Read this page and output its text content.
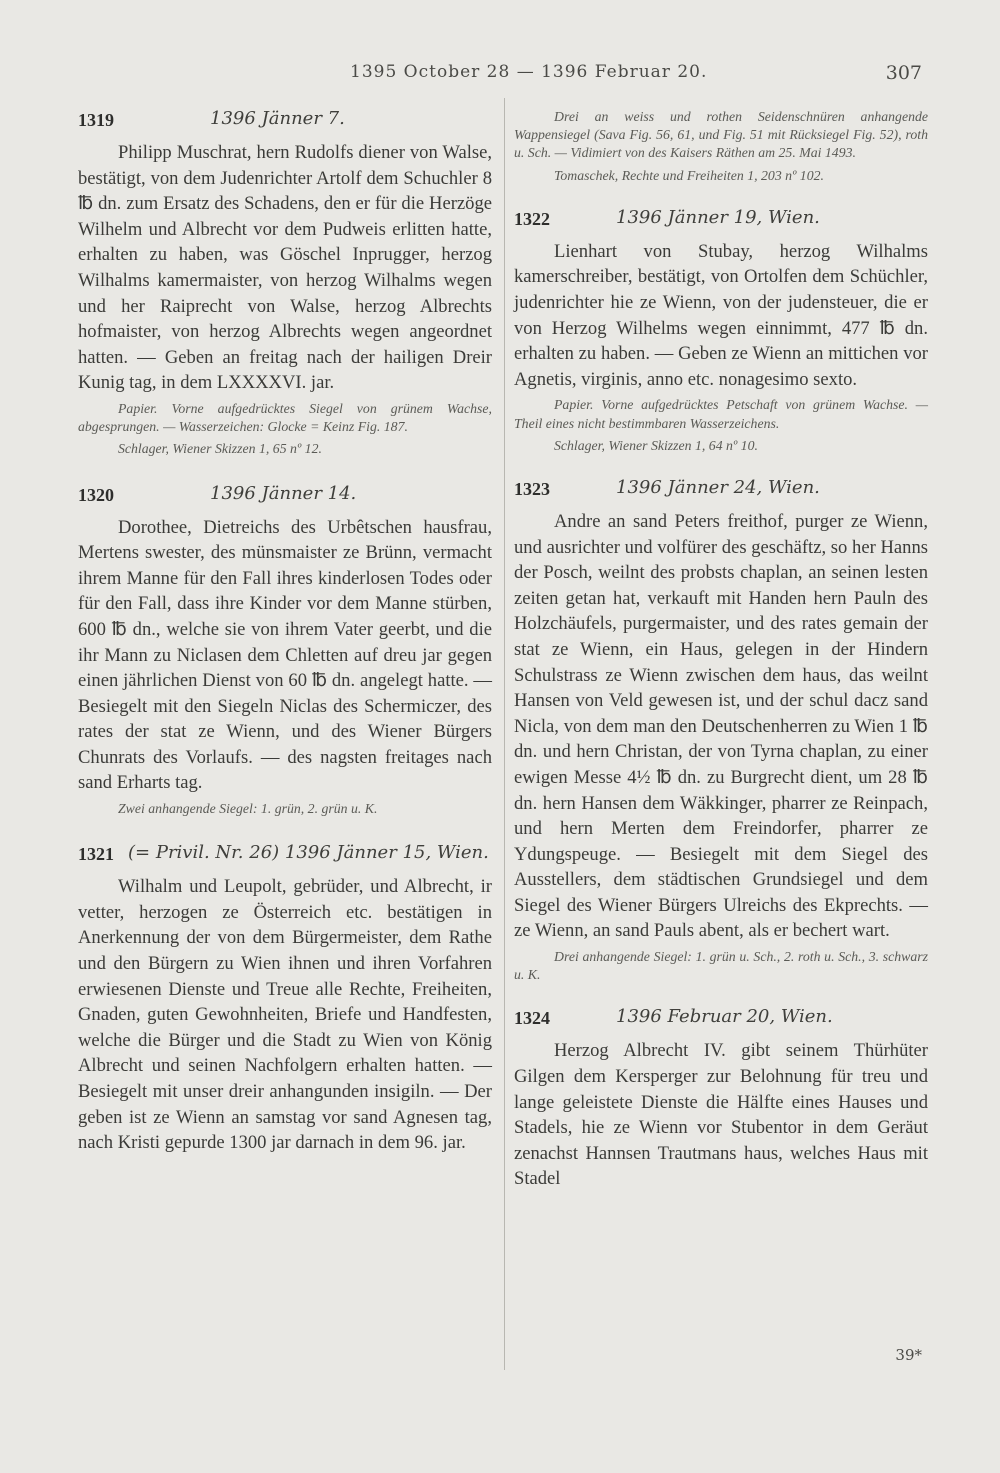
1395 October 28 — 1396 Februar 20.	307
1319	1396 Jänner 7.

Philipp Muschrat, hern Rudolfs diener von Walse, bestätigt, von dem Judenrichter Artolf dem Schuchler 8 ℔ dn. zum Ersatz des Schadens, den er für die Herzöge Wilhelm und Albrecht vor dem Pudweis erlitten hatte, erhalten zu haben, was Göschel Inprugger, herzog Wilhalms kamermaister, von herzog Wilhalms wegen und her Raiprecht von Walse, herzog Albrechts hofmaister, von herzog Albrechts wegen angeordnet hatten. — Geben an freitag nach der hailigen Dreir Kunig tag, in dem LXXXXVI. jar.

Papier. Vorne aufgedrücktes Siegel von grünem Wachse, abgesprungen. — Wasserzeichen: Glocke = Keinz Fig. 187.

Schlager, Wiener Skizzen 1, 65 nº 12.

1320	1396 Jänner 14.

Dorothee, Dietreichs des Urbêtschen hausfrau, Mertens swester, des münsmaister ze Brünn, vermacht ihrem Manne für den Fall ihres kinderlosen Todes oder für den Fall, dass ihre Kinder vor dem Manne stürben, 600 ℔ dn., welche sie von ihrem Vater geerbt, und die ihr Mann zu Niclasen dem Chletten auf dreu jar gegen einen jährlichen Dienst von 60 ℔ dn. angelegt hatte. — Besiegelt mit den Siegeln Niclas des Schermiczer, des rates der stat ze Wienn, und des Wiener Bürgers Chunrats des Vorlaufs. — des nagsten freitages nach sand Erharts tag.

Zwei anhangende Siegel: 1. grün, 2. grün u. K.

1321 (= Privil. Nr. 26) 1396 Jänner 15, Wien.

Wilhalm und Leupolt, gebrüder, und Albrecht, ir vetter, herzogen ze Österreich etc. bestätigen in Anerkennung der von dem Bürgermeister, dem Rathe und den Bürgern zu Wien ihnen und ihren Vorfahren erwiesenen Dienste und Treue alle Rechte, Freiheiten, Gnaden, guten Gewohnheiten, Briefe und Handfesten, welche die Bürger und die Stadt zu Wien von König Albrecht und seinen Nachfolgern erhalten hatten. — Besiegelt mit unser dreir anhangunden insigiln. — Der geben ist ze Wienn an samstag vor sand Agnesen tag, nach Kristi gepurde 1300 jar darnach in dem 96. jar.

Drei an weiss und rothen Seidenschnüren anhangende Wappensiegel (Sava Fig. 56, 61, und Fig. 51 mit Rücksiegel Fig. 52), roth u. Sch. — Vidimiert von des Kaisers Räthen am 25. Mai 1493.

Tomaschek, Rechte und Freiheiten 1, 203 nº 102.

1322	1396 Jänner 19, Wien.

Lienhart von Stubay, herzog Wilhalms kamerschreiber, bestätigt, von Ortolfen dem Schüchler, judenrichter hie ze Wienn, von der judensteuer, die er von Herzog Wilhelms wegen einnimmt, 477 ℔ dn. erhalten zu haben. — Geben ze Wienn an mittichen vor Agnetis, virginis, anno etc. nonagesimo sexto.

Papier. Vorne aufgedrücktes Petschaft von grünem Wachse. — Theil eines nicht bestimmbaren Wasserzeichens.

Schlager, Wiener Skizzen 1, 64 nº 10.

1323	1396 Jänner 24, Wien.

Andre an sand Peters freithof, purger ze Wienn, und ausrichter und volfürer des geschäftz, so her Hanns der Posch, weilnt des probsts chaplan, an seinen lesten zeiten getan hat, verkauft mit Handen hern Pauln des Holzchäufels, purgermaister, und des rates gemain der stat ze Wienn, ein Haus, gelegen in der Hindern Schulstrass ze Wienn zwischen dem haus, das weilnt Hansen von Veld gewesen ist, und der schul dacz sand Nicla, von dem man den Deutschenherren zu Wien 1 ℔ dn. und hern Christan, der von Tyrna chaplan, zu einer ewigen Messe 4½ ℔ dn. zu Burgrecht dient, um 28 ℔ dn. hern Hansen dem Wäkkinger, pharrer ze Reinpach, und hern Merten dem Freindorfer, pharrer ze Ydungspeuge. — Besiegelt mit dem Siegel des Ausstellers, dem städtischen Grundsiegel und dem Siegel des Wiener Bürgers Ulreichs des Ekprechts. — ze Wienn, an sand Pauls abent, als er bechert wart.

Drei anhangende Siegel: 1. grün u. Sch., 2. roth u. Sch., 3. schwarz u. K.

1324	1396 Februar 20, Wien.

Herzog Albrecht IV. gibt seinem Thürhüter Gilgen dem Kersperger zur Belohnung für treu und lange geleistete Dienste die Hälfte eines Hauses und Stadels, hie ze Wienn vor Stubentor in dem Geräut zenachst Hannsen Trautmans haus, welches Haus mit Stadel

39*
